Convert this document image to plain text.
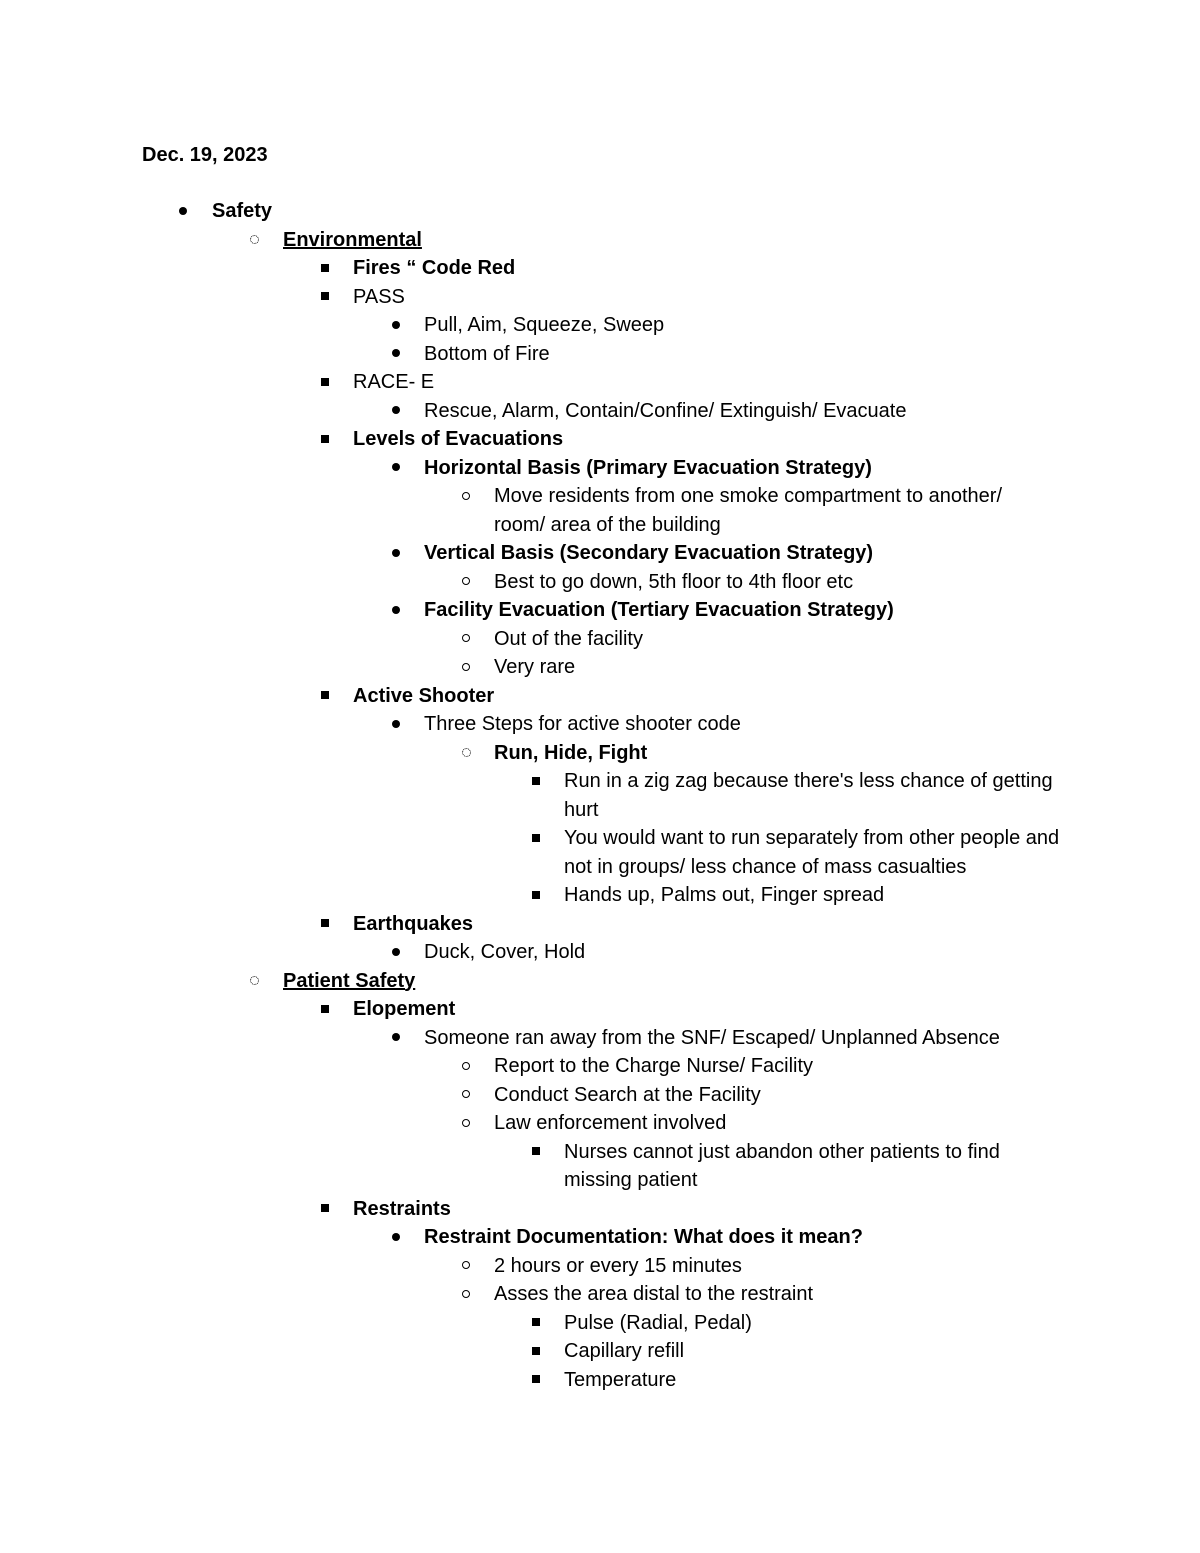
Dec. 19, 2023
Safety
Environmental
Fires “ Code Red
PASS
Pull, Aim, Squeeze, Sweep
Bottom of Fire
RACE- E
Rescue, Alarm, Contain/Confine/ Extinguish/ Evacuate
Levels of Evacuations
Horizontal Basis (Primary Evacuation Strategy)
Move residents from one smoke compartment to another/ room/ area of the building
Vertical Basis (Secondary Evacuation Strategy)
Best to go down, 5th floor to 4th floor etc
Facility Evacuation (Tertiary Evacuation Strategy)
Out of the facility
Very rare
Active Shooter
Three Steps for active shooter code
Run, Hide, Fight
Run in a zig zag because there's less chance of getting hurt
You would want to run separately from other people and not in groups/ less chance of mass casualties
Hands up, Palms out, Finger spread
Earthquakes
Duck, Cover, Hold
Patient Safety
Elopement
Someone ran away from the SNF/ Escaped/ Unplanned Absence
Report to the Charge Nurse/ Facility
Conduct Search at the Facility
Law enforcement involved
Nurses cannot just abandon other patients to find missing patient
Restraints
Restraint Documentation: What does it mean?
2 hours or every 15 minutes
Asses the area distal to the restraint
Pulse (Radial, Pedal)
Capillary refill
Temperature
